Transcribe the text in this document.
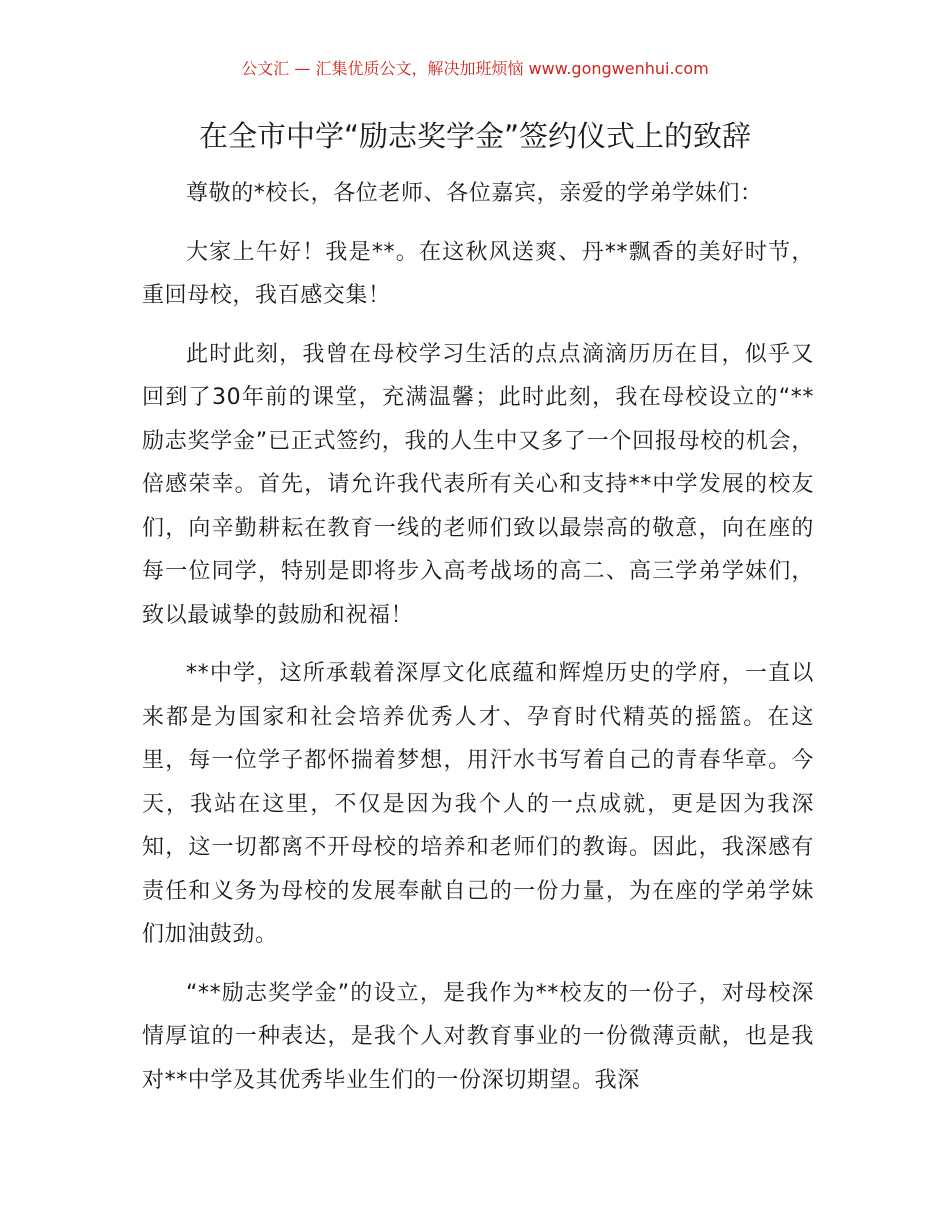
公文汇 — 汇集优质公文，解决加班烦恼 www.gongwenhui.com
在全市中学“励志奖学金”签约仪式上的致辞

尊敬的*校长，各位老师、各位嘉宾，亲爱的学弟学妹们：

大家上午好！我是**。在这秋风送爽、丹**飘香的美好时节，重回母校，我百感交集！

此时此刻，我曾在母校学习生活的点点滴滴历历在目，似乎又回到了30年前的课堂，充满温馨；此时此刻，我在母校设立的“**励志奖学金”已正式签约，我的人生中又多了一个回报母校的机会，倍感荣幸。首先，请允许我代表所有关心和支持**中学发展的校友们，向辛勤耕耘在教育一线的老师们致以最崇高的敬意，向在座的每一位同学，特别是即将步入高考战场的高二、高三学弟学妹们，致以最诚挚的鼓励和祝福！

**中学，这所承载着深厚文化底蕴和辉煌历史的学府，一直以来都是为国家和社会培养优秀人才、孕育时代精英的摇篮。在这里，每一位学子都怀揣着梦想，用汗水书写着自己的青春华章。今天，我站在这里，不仅是因为我个人的一点成就，更是因为我深知，这一切都离不开母校的培养和老师们的教诲。因此，我深感有责任和义务为母校的发展奉献自己的一份力量，为在座的学弟学妹们加油鼓劲。

“**励志奖学金”的设立，是我作为**校友的一份子，对母校深情厚谊的一种表达，是我个人对教育事业的一份微薄贡献，也是我对**中学及其优秀毕业生们的一份深切期望。我深
